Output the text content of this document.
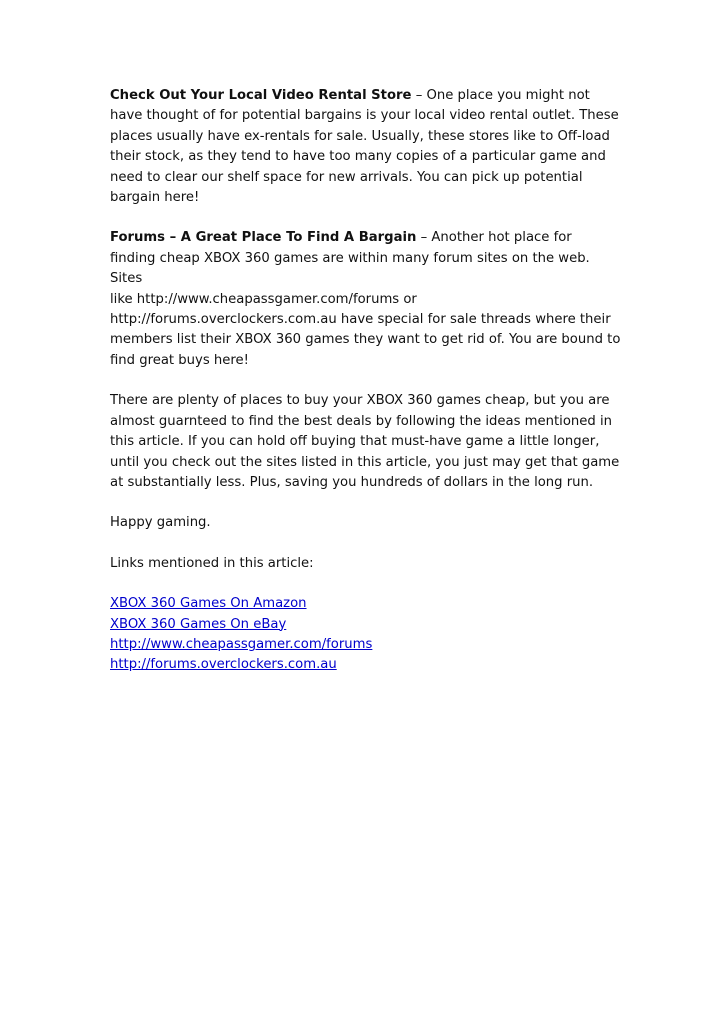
Check Out Your Local Video Rental Store – One place you might not
have thought of for potential bargains is your local video rental outlet. These
places usually have ex-rentals for sale. Usually, these stores like to Off-load
their stock, as they tend to have too many copies of a particular game and
need to clear our shelf space for new arrivals. You can pick up potential
bargain here!

Forums – A Great Place To Find A Bargain – Another hot place for
finding cheap XBOX 360 games are within many forum sites on the web. Sites
like http://www.cheapassgamer.com/forums or
http://forums.overclockers.com.au have special for sale threads where their
members list their XBOX 360 games they want to get rid of. You are bound to
find great buys here!

There are plenty of places to buy your XBOX 360 games cheap, but you are
almost guarnteed to find the best deals by following the ideas mentioned in
this article. If you can hold off buying that must-have game a little longer,
until you check out the sites listed in this article, you just may get that game
at substantially less. Plus, saving you hundreds of dollars in the long run.

Happy gaming.

Links mentioned in this article:

XBOX 360 Games On Amazon
XBOX 360 Games On eBay
http://www.cheapassgamer.com/forums
http://forums.overclockers.com.au
